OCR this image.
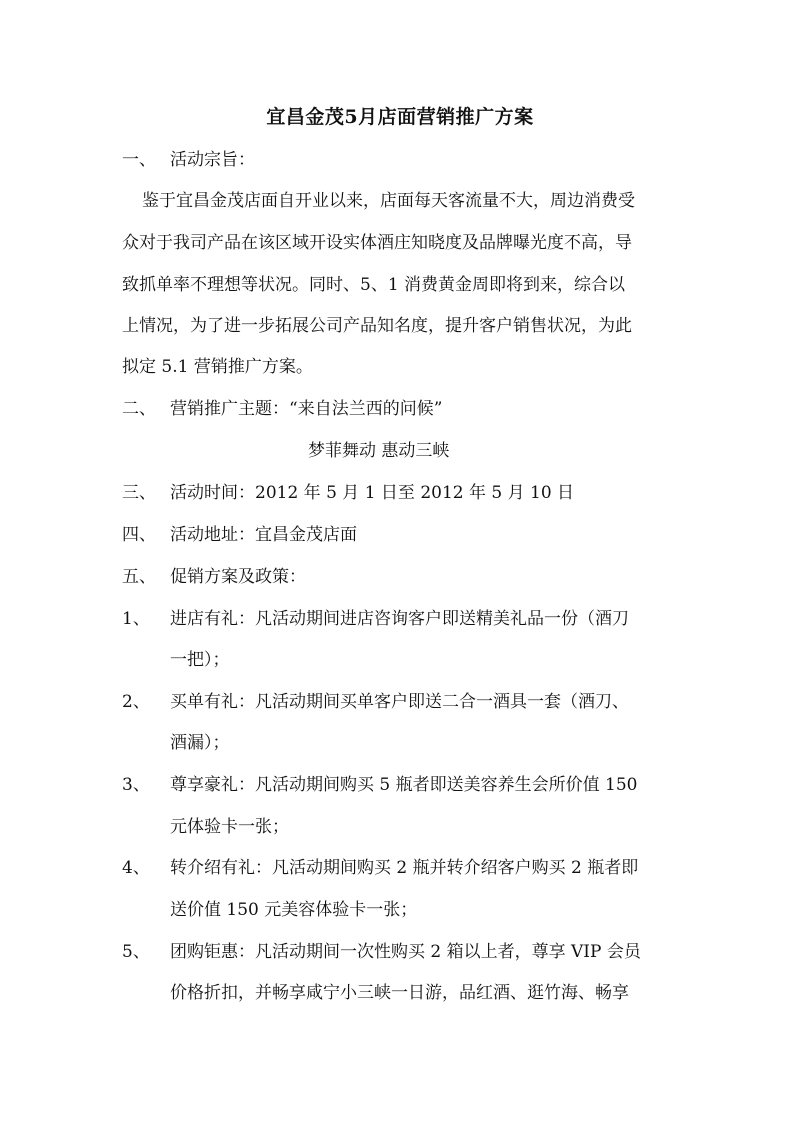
宜昌金茂5月店面营销推广方案
一、 活动宗旨：
鉴于宜昌金茂店面自开业以来，店面每天客流量不大，周边消费受
众对于我司产品在该区域开设实体酒庄知晓度及品牌曝光度不高，导
致抓单率不理想等状况。同时、5、1 消费黄金周即将到来，综合以
上情况，为了进一步拓展公司产品知名度，提升客户销售状况，为此
拟定 5.1 营销推广方案。
二、 营销推广主题：“来自法兰西的问候”
梦菲舞动 惠动三峡
三、 活动时间：2012 年 5 月 1 日至 2012 年 5 月 10 日
四、 活动地址：宜昌金茂店面
五、 促销方案及政策：
1、 进店有礼：凡活动期间进店咨询客户即送精美礼品一份（酒刀
一把）；
2、 买单有礼：凡活动期间买单客户即送二合一酒具一套（酒刀、
酒漏）；
3、 尊享豪礼：凡活动期间购买 5 瓶者即送美容养生会所价值 150
元体验卡一张；
4、 转介绍有礼：凡活动期间购买 2 瓶并转介绍客户购买 2 瓶者即
送价值 150 元美容体验卡一张；
5、 团购钜惠：凡活动期间一次性购买 2 箱以上者，尊享 VIP 会员
价格折扣，并畅享咸宁小三峡一日游，品红酒、逛竹海、畅享
